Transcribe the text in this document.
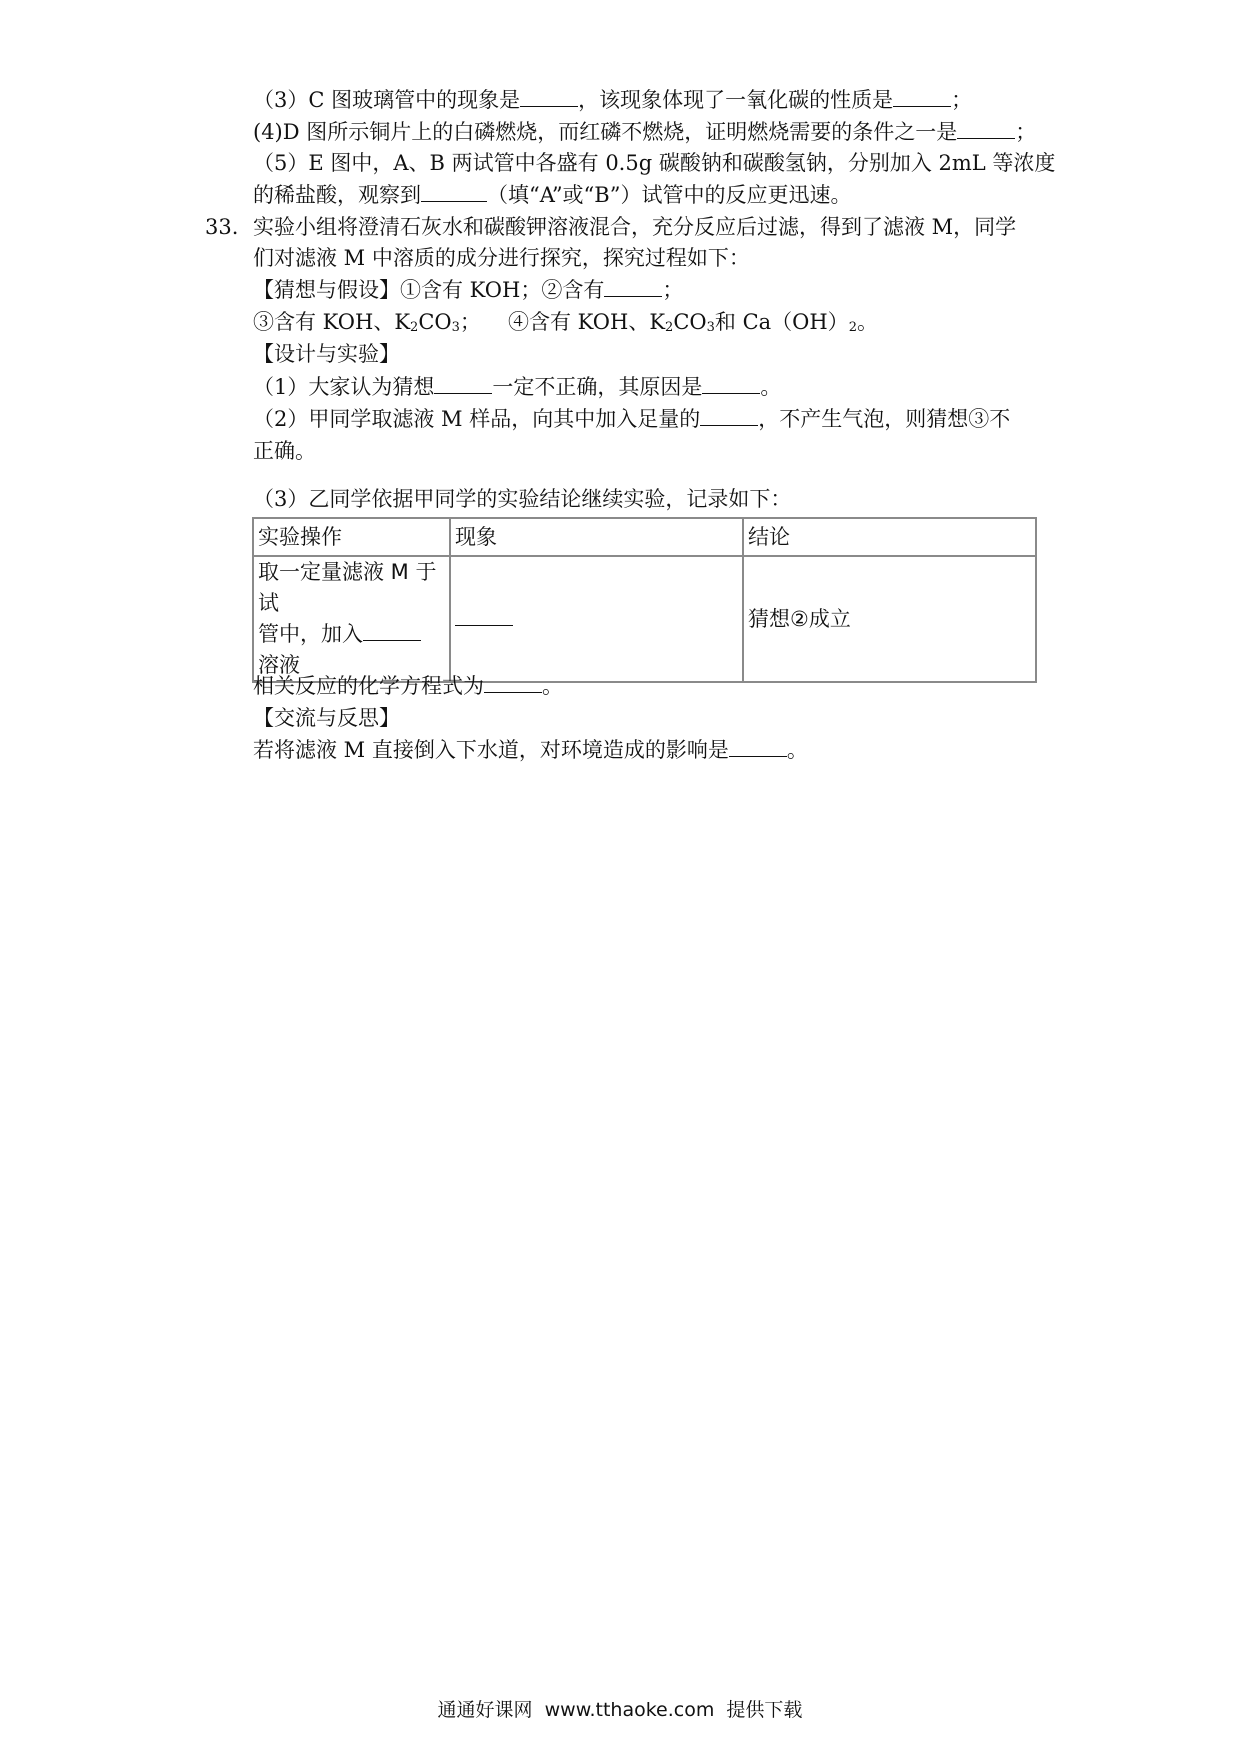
（3）C 图玻璃管中的现象是	，该现象体现了一氧化碳的性质是	；
(4)D 图所示铜片上的白磷燃烧，而红磷不燃烧，证明燃烧需要的条件之一是	；
（5）E 图中，A、B 两试管中各盛有 0.5g 碳酸钠和碳酸氢钠，分别加入 2mL 等浓度
的稀盐酸，观察到	（填“A”或“B”）试管中的反应更迅速。
33. 实验小组将澄清石灰水和碳酸钾溶液混合，充分反应后过滤，得到了滤液 M，同学
们对滤液 M 中溶质的成分进行探究，探究过程如下：
【猜想与假设】①含有 KOH；②含有	；
③含有 KOH、$K_2CO_3$； ④含有 KOH、$K_2CO_3$和 $Ca(OH)_2$。
【设计与实验】
（1）大家认为猜想	一定不正确，其原因是	。
（2）甲同学取滤液 M 样品，向其中加入足量的	，不产生气泡，则猜想③不
正确。
（3）乙同学依据甲同学的实验结论继续实验，记录如下：
实验操作	现象	结论

取一定量滤液 M 于试
管中，加入
溶液		猜想②成立
相关反应的化学方程式为	。
【交流与反思】
若将滤液 M 直接倒入下水道，对环境造成的影响是	。
通通好课网 www.tthaoke.com 提供下载
